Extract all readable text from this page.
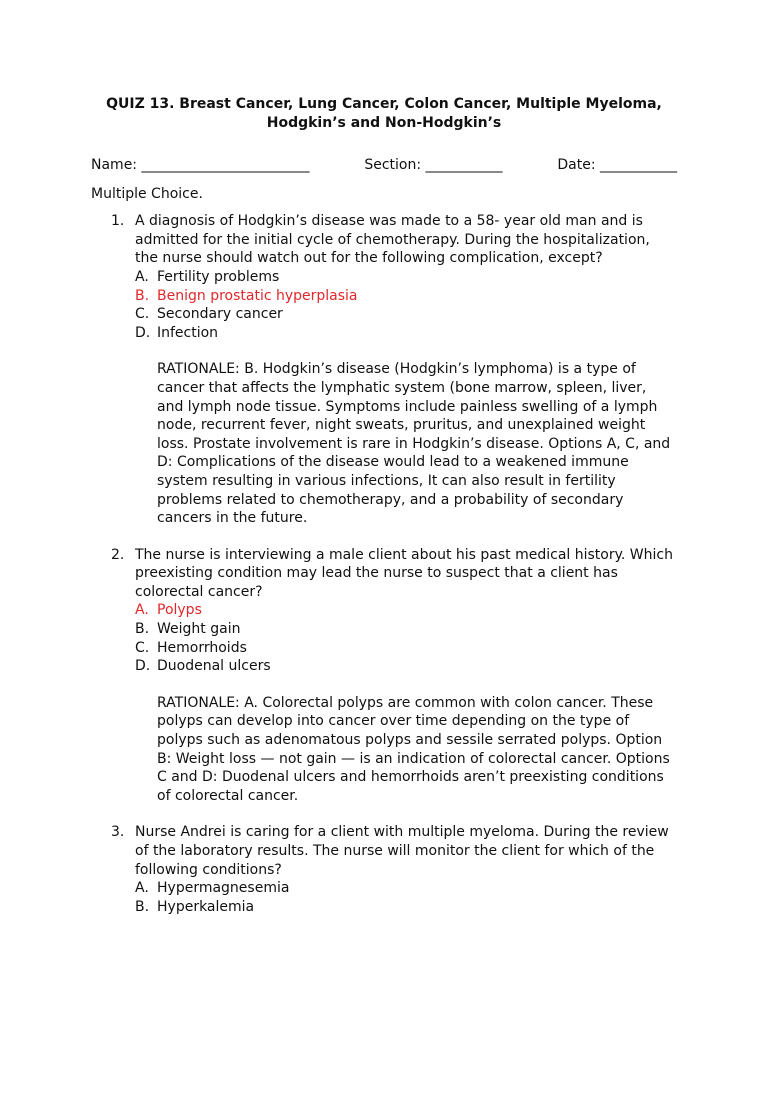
QUIZ 13. Breast Cancer, Lung Cancer, Colon Cancer, Multiple Myeloma,
Hodgkin’s and Non-Hodgkin’s
Name: ________________________	Section: ___________	Date: ___________
Multiple Choice.
1. A diagnosis of Hodgkin’s disease was made to a 58- year old man and is admitted for the initial cycle of chemotherapy. During the hospitalization, the nurse should watch out for the following complication, except?
A. Fertility problems
B. Benign prostatic hyperplasia
C. Secondary cancer
D. Infection
RATIONALE: B. Hodgkin’s disease (Hodgkin’s lymphoma) is a type of cancer that affects the lymphatic system (bone marrow, spleen, liver, and lymph node tissue. Symptoms include painless swelling of a lymph node, recurrent fever, night sweats, pruritus, and unexplained weight loss. Prostate involvement is rare in Hodgkin’s disease. Options A, C, and D: Complications of the disease would lead to a weakened immune system resulting in various infections, It can also result in fertility problems related to chemotherapy, and a probability of secondary cancers in the future.
2. The nurse is interviewing a male client about his past medical history. Which preexisting condition may lead the nurse to suspect that a client has colorectal cancer?
A. Polyps
B. Weight gain
C. Hemorrhoids
D. Duodenal ulcers
RATIONALE: A. Colorectal polyps are common with colon cancer. These polyps can develop into cancer over time depending on the type of polyps such as adenomatous polyps and sessile serrated polyps. Option B: Weight loss — not gain — is an indication of colorectal cancer. Options C and D: Duodenal ulcers and hemorrhoids aren’t preexisting conditions of colorectal cancer.
3. Nurse Andrei is caring for a client with multiple myeloma. During the review of the laboratory results. The nurse will monitor the client for which of the following conditions?
A. Hypermagnesemia
B. Hyperkalemia
